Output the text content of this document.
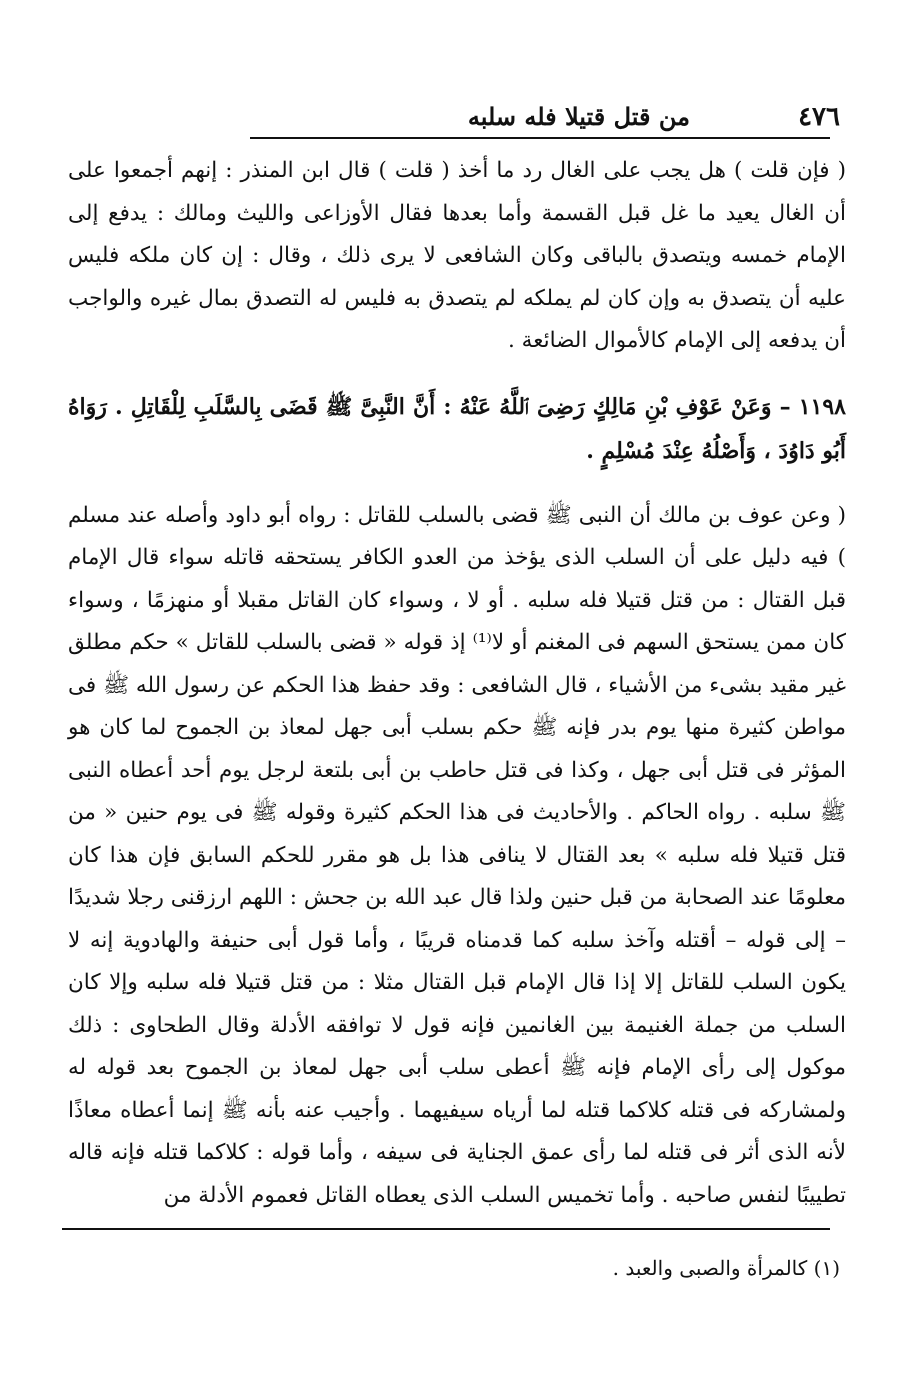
٤٧٦
من قتل قتيلا فله سلبه

( فإن قلت ) هل يجب على الغال رد ما أخذ ( قلت ) قال ابن المنذر : إنهم أجمعوا على أن الغال يعيد ما غل قبل القسمة وأما بعدها فقال الأوزاعى والليث ومالك : يدفع إلى الإمام خمسه ويتصدق بالباقى وكان الشافعى لا يرى ذلك ، وقال : إن كان ملكه فليس عليه أن يتصدق به وإن كان لم يملكه لم يتصدق به فليس له التصدق بمال غيره والواجب أن يدفعه إلى الإمام كالأموال الضائعة .

١١٩٨ – وَعَنْ عَوْفِ بْنِ مَالِكٍ رَضِىَ ٱللَّهُ عَنْهُ : أَنَّ النَّبِىَّ ﷺ قَضَى بِالسَّلَبِ لِلْقَاتِلِ . رَوَاهُ أَبُو دَاوُدَ ، وَأَصْلُهُ عِنْدَ مُسْلِمٍ .

( وعن عوف بن مالك أن النبى ﷺ قضى بالسلب للقاتل : رواه أبو داود وأصله عند مسلم ) فيه دليل على أن السلب الذى يؤخذ من العدو الكافر يستحقه قاتله سواء قال الإمام قبل القتال : من قتل قتيلا فله سلبه . أو لا ، وسواء كان القاتل مقبلا أو منهزمًا ، وسواء كان ممن يستحق السهم فى المغنم أو لا⁽¹⁾ إذ قوله « قضى بالسلب للقاتل » حكم مطلق غير مقيد بشىء من الأشياء ، قال الشافعى : وقد حفظ هذا الحكم عن رسول الله ﷺ فى مواطن كثيرة منها يوم بدر فإنه ﷺ حكم بسلب أبى جهل لمعاذ بن الجموح لما كان هو المؤثر فى قتل أبى جهل ، وكذا فى قتل حاطب بن أبى بلتعة لرجل يوم أحد أعطاه النبى ﷺ سلبه . رواه الحاكم . والأحاديث فى هذا الحكم كثيرة وقوله ﷺ فى يوم حنين « من قتل قتيلا فله سلبه » بعد القتال لا ينافى هذا بل هو مقرر للحكم السابق فإن هذا كان معلومًا عند الصحابة من قبل حنين ولذا قال عبد الله بن جحش : اللهم ارزقنى رجلا شديدًا – إلى قوله – أقتله وآخذ سلبه كما قدمناه قريبًا ، وأما قول أبى حنيفة والهادوية إنه لا يكون السلب للقاتل إلا إذا قال الإمام قبل القتال مثلا : من قتل قتيلا فله سلبه وإلا كان السلب من جملة الغنيمة بين الغانمين فإنه قول لا توافقه الأدلة وقال الطحاوى : ذلك موكول إلى رأى الإمام فإنه ﷺ أعطى سلب أبى جهل لمعاذ بن الجموح بعد قوله له ولمشاركه فى قتله كلاكما قتله لما أرياه سيفيهما . وأجيب عنه بأنه ﷺ إنما أعطاه معاذًا لأنه الذى أثر فى قتله لما رأى عمق الجناية فى سيفه ، وأما قوله : كلاكما قتله فإنه قاله تطييبًا لنفس صاحبه . وأما تخميس السلب الذى يعطاه القاتل فعموم الأدلة من

(١) كالمرأة والصبى والعبد .
